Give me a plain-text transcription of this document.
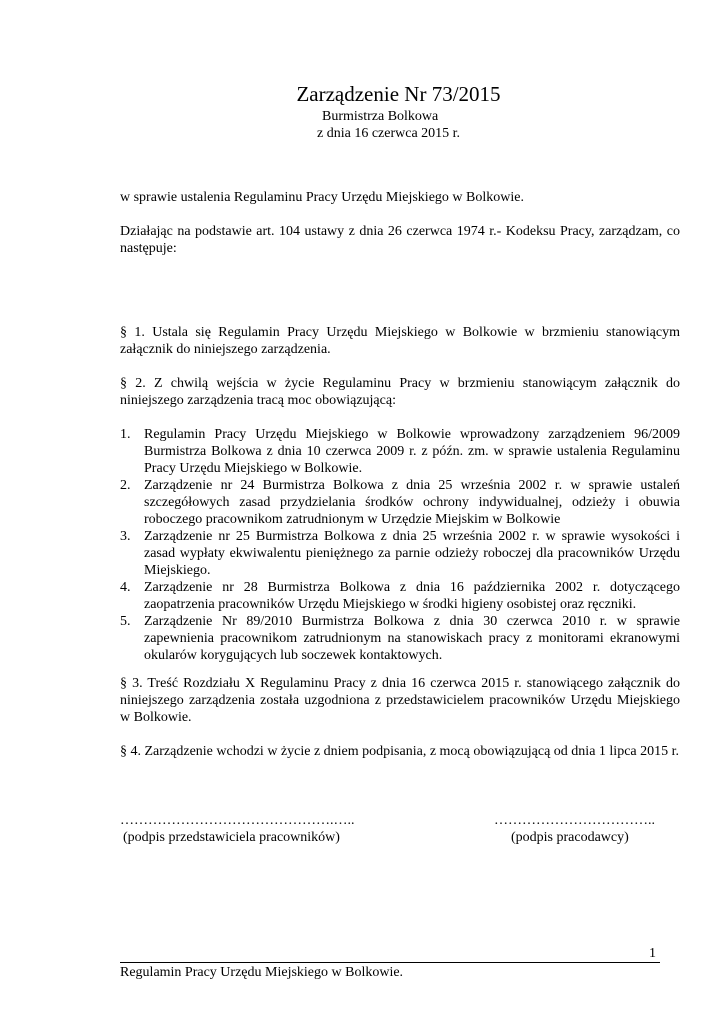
Zarządzenie Nr 73/2015
Burmistrza Bolkowa
z dnia 16 czerwca 2015 r.
w sprawie ustalenia Regulaminu Pracy Urzędu Miejskiego w Bolkowie.
Działając na podstawie art. 104 ustawy z dnia 26 czerwca 1974 r.- Kodeksu Pracy, zarządzam, co następuje:
§ 1. Ustala się Regulamin Pracy Urzędu Miejskiego w Bolkowie w brzmieniu stanowiącym załącznik do niniejszego zarządzenia.
§ 2. Z chwilą wejścia w życie Regulaminu Pracy w brzmieniu stanowiącym załącznik do niniejszego zarządzenia tracą moc obowiązującą:
1. Regulamin Pracy Urzędu Miejskiego w Bolkowie wprowadzony zarządzeniem 96/2009 Burmistrza Bolkowa z dnia 10 czerwca 2009 r. z późn. zm. w sprawie ustalenia Regulaminu Pracy Urzędu Miejskiego w Bolkowie.
2. Zarządzenie nr 24 Burmistrza Bolkowa z dnia 25 września 2002 r. w sprawie ustaleń szczegółowych zasad przydzielania środków ochrony indywidualnej, odzieży i obuwia roboczego pracownikom zatrudnionym w Urzędzie Miejskim w Bolkowie
3. Zarządzenie nr 25 Burmistrza Bolkowa z dnia 25 września 2002 r. w sprawie wysokości i zasad wypłaty ekwiwalentu pieniężnego za parnie odzieży roboczej dla pracowników Urzędu Miejskiego.
4. Zarządzenie nr 28 Burmistrza Bolkowa z dnia 16 października 2002 r. dotyczącego zaopatrzenia pracowników Urzędu Miejskiego w środki higieny osobistej oraz ręczniki.
5. Zarządzenie Nr 89/2010 Burmistrza Bolkowa z dnia 30 czerwca 2010 r. w sprawie zapewnienia pracownikom zatrudnionym na stanowiskach pracy z monitorami ekranowymi okularów korygujących lub soczewek kontaktowych.
§ 3. Treść Rozdziału X Regulaminu Pracy z dnia 16 czerwca 2015 r. stanowiącego załącznik do niniejszego zarządzenia została uzgodniona z przedstawicielem pracowników Urzędu Miejskiego w Bolkowie.
§ 4. Zarządzenie wchodzi w życie z dniem podpisania, z mocą obowiązującą od dnia 1 lipca 2015 r.
……………………………………….…..
(podpis przedstawiciela pracowników)
……………………………..
(podpis pracodawcy)
1
Regulamin Pracy Urzędu Miejskiego w Bolkowie.
